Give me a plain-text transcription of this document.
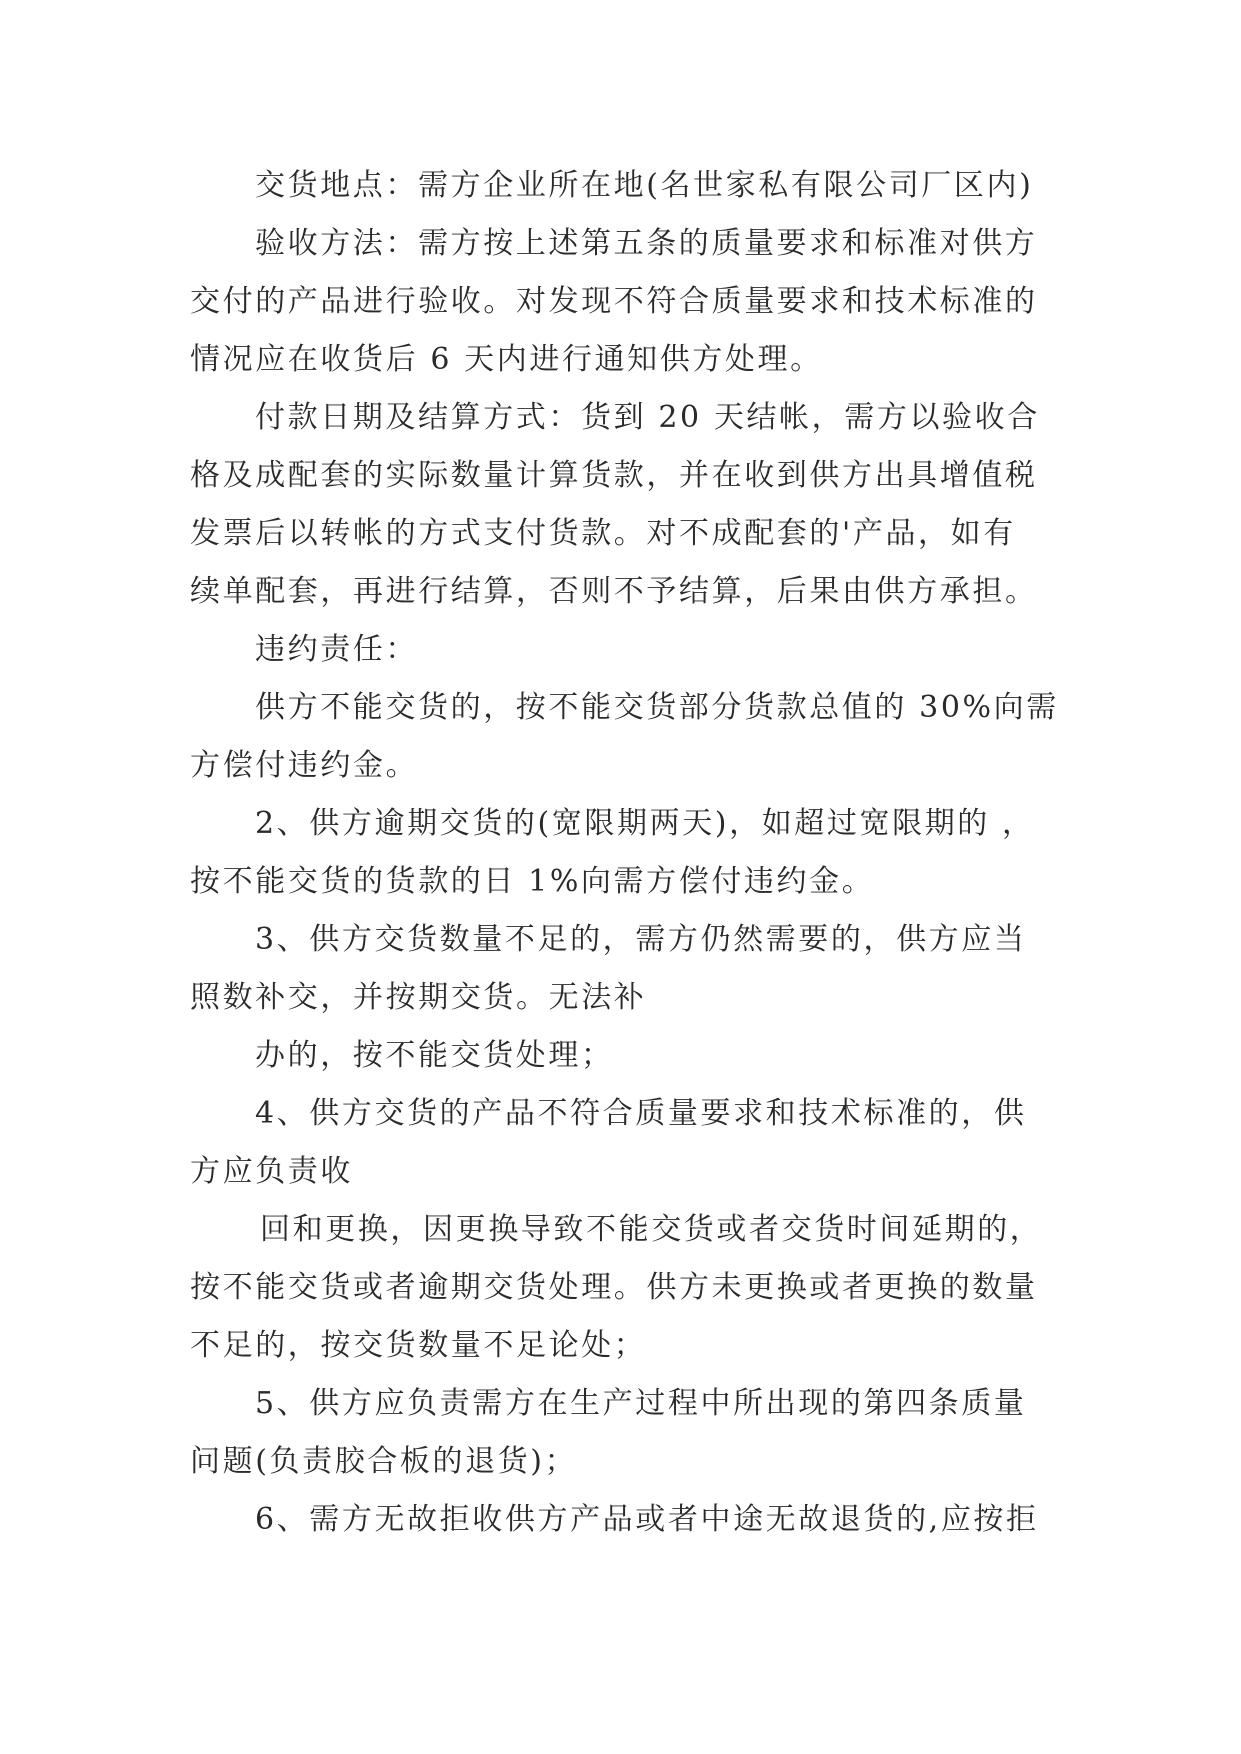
交货地点：需方企业所在地(名世家私有限公司厂区内)
验收方法：需方按上述第五条的质量要求和标准对供方
交付的产品进行验收。对发现不符合质量要求和技术标准的
情况应在收货后 6 天内进行通知供方处理。
付款日期及结算方式：货到 20 天结帐，需方以验收合
格及成配套的实际数量计算货款，并在收到供方出具增值税
发票后以转帐的方式支付货款。对不成配套的'产品，如有
续单配套，再进行结算，否则不予结算，后果由供方承担。
违约责任：
供方不能交货的，按不能交货部分货款总值的 30%向需
方偿付违约金。
2、供方逾期交货的(宽限期两天)，如超过宽限期的 ，
按不能交货的货款的日 1%向需方偿付违约金。
3、供方交货数量不足的，需方仍然需要的，供方应当
照数补交，并按期交货。无法补
办的，按不能交货处理；
4、供方交货的产品不符合质量要求和技术标准的，供
方应负责收
回和更换，因更换导致不能交货或者交货时间延期的，
按不能交货或者逾期交货处理。供方未更换或者更换的数量
不足的，按交货数量不足论处；
5、供方应负责需方在生产过程中所出现的第四条质量
问题(负责胶合板的退货)；
6、需方无故拒收供方产品或者中途无故退货的,应按拒
